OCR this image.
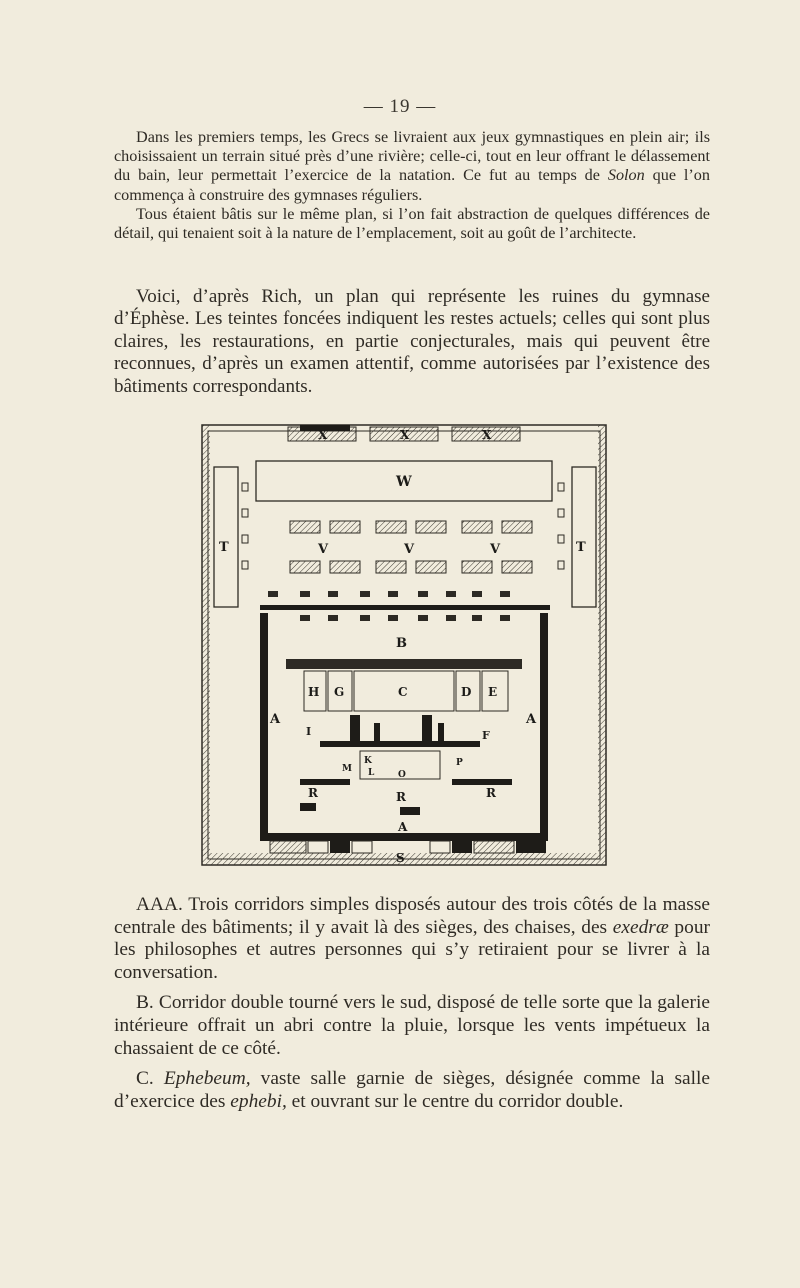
— 19 —

Dans les premiers temps, les Grecs se livraient aux jeux gymnastiques en plein air; ils choisissaient un terrain situé près d’une rivière; celle-ci, tout en leur offrant le délassement du bain, leur permettait l’exercice de la natation. Ce fut au temps de Solon que l’on commença à construire des gymnases réguliers.

Tous étaient bâtis sur le même plan, si l’on fait abstraction de quelques différences de détail, qui tenaient soit à la nature de l’emplacement, soit au goût de l’architecte.

Voici, d’après Rich, un plan qui représente les ruines du gymnase d’Éphèse. Les teintes foncées indiquent les restes actuels; celles qui sont plus claires, les restaurations, en partie conjecturales, mais qui peuvent être reconnues, d’après un examen attentif, comme autorisées par l’existence des bâtiments correspondants.

X	X	X
W
T	T
V	V	V
B
H G	C	D E
A	A
A
I	F
K
L
M
O
P
R	R	R
S

AAA. Trois corridors simples disposés autour des trois côtés de la masse centrale des bâtiments; il y avait là des sièges, des chaises, des exedræ pour les philosophes et autres personnes qui s’y retiraient pour se livrer à la conversation.

B. Corridor double tourné vers le sud, disposé de telle sorte que la galerie intérieure offrait un abri contre la pluie, lorsque les vents impétueux la chassaient de ce côté.

C. Ephebeum, vaste salle garnie de sièges, désignée comme la salle d’exercice des ephebi, et ouvrant sur le centre du corridor double.
